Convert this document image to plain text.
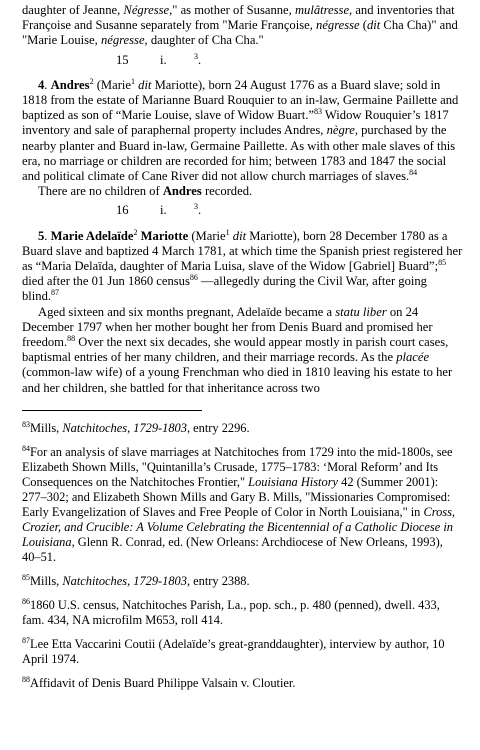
daughter of Jeanne, Négresse," as mother of Susanne, mulâtresse, and inventories that Françoise and Susanne separately from "Marie Françoise, négresse (dit Cha Cha)" and "Marie Louise, négresse, daughter of Cha Cha."

15 i.	$^3$.

4. Andres$^2$ (Marie$^1$ dit Mariotte), born 24 August 1776 as a Buard slave; sold in 1818 from the estate of Marianne Buard Rouquier to an in-law, Germaine Paillette and baptized as son of “Marie Louise, slave of Widow Buart.”$^{83}$ Widow Rouquier’s 1817 inventory and sale of paraphernal property includes Andres, nègre, purchased by the nearby planter and Buard in-law, Germaine Paillette. As with other male slaves of this era, no marriage or children are recorded for him; between 1783 and 1847 the social and political climate of Cane River did not allow church marriages of slaves.$^{84}$

There are no children of Andres recorded.

16 i.	$^3$.

5. Marie Adelaïde$^2$ Mariotte (Marie$^1$ dit Mariotte), born 28 December 1780 as a Buard slave and baptized 4 March 1781, at which time the Spanish priest registered her as “Maria Delaïda, daughter of Maria Luisa, slave of the Widow [Gabriel] Buard”;$^{85}$ died after the 01 Jun 1860 census$^{86}$ —allegedly during the Civil War, after going blind.$^{87}$

Aged sixteen and six months pregnant, Adelaïde became a statu liber on 24 December 1797 when her mother bought her from Denis Buard and promised her freedom.$^{88}$ Over the next six decades, she would appear mostly in parish court cases, baptismal entries of her many children, and their marriage records. As the placée (common-law wife) of a young Frenchman who died in 1810 leaving his estate to her and her children, she battled for that inheritance across two

$^{83}$Mills, Natchitoches, 1729-1803, entry 2296.

$^{84}$For an analysis of slave marriages at Natchitoches from 1729 into the mid-1800s, see Elizabeth Shown Mills, "Quintanilla’s Crusade, 1775–1783: ‘Moral Reform’ and Its Consequences on the Natchitoches Frontier," Louisiana History 42 (Summer 2001): 277–302; and Elizabeth Shown Mills and Gary B. Mills, "Missionaries Compromised: Early Evangelization of Slaves and Free People of Color in North Louisiana," in Cross, Crozier, and Crucible: A Volume Celebrating the Bicentennial of a Catholic Diocese in Louisiana, Glenn R. Conrad, ed. (New Orleans: Archdiocese of New Orleans, 1993), 40–51.

$^{85}$Mills, Natchitoches, 1729-1803, entry 2388.

$^{86}$1860 U.S. census, Natchitoches Parish, La., pop. sch., p. 480 (penned), dwell. 433, fam. 434, NA microfilm M653, roll 414.

$^{87}$Lee Etta Vaccarini Coutii (Adelaïde’s great-granddaughter), interview by author, 10 April 1974.

$^{88}$Affidavit of Denis Buard Philippe Valsain v. Cloutier.
